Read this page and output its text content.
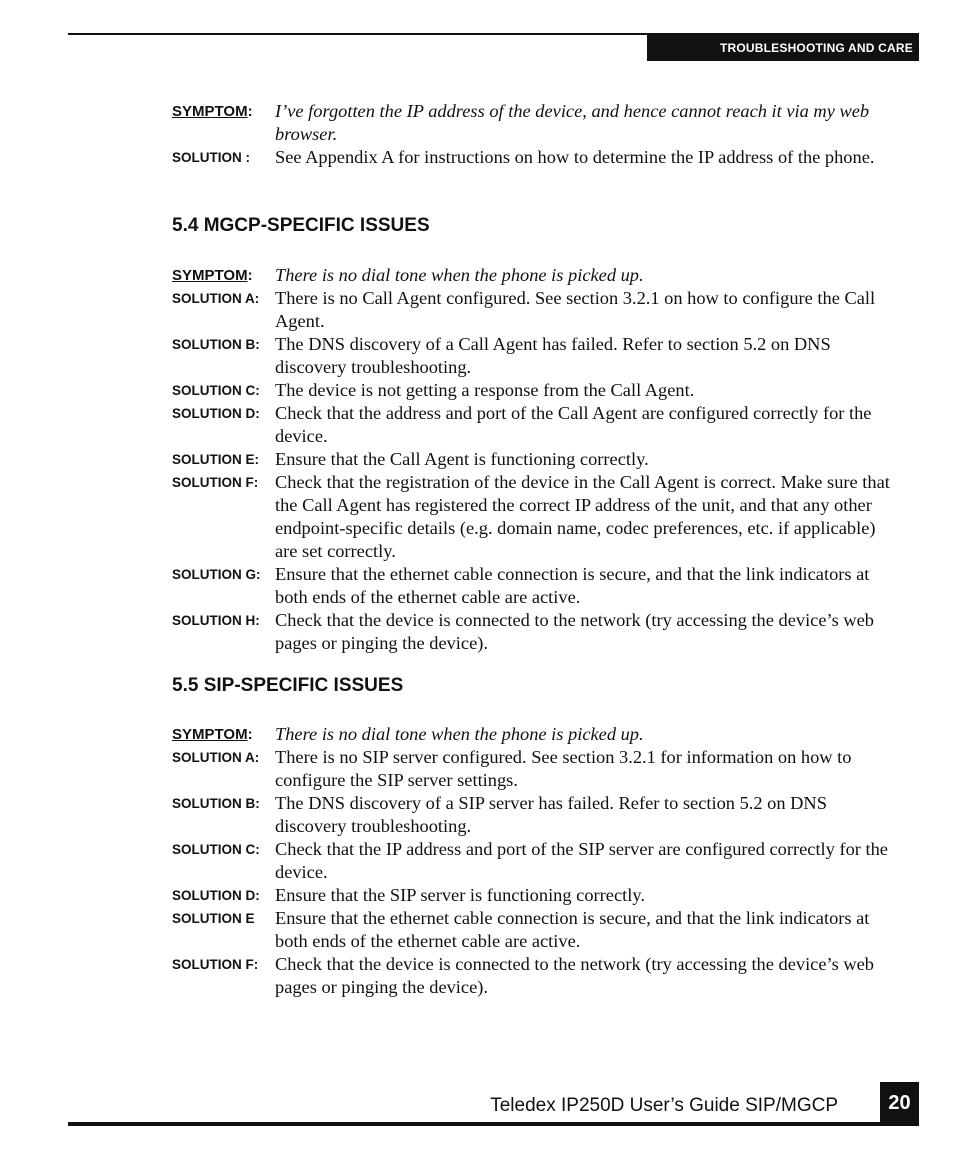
TROUBLESHOOTING AND CARE
SYMPTOM:	I’ve forgotten the IP address of the device, and hence cannot reach it via my web browser.
SOLUTION :	See Appendix A for instructions on how to determine the IP address of the phone.
5.4 MGCP-SPECIFIC ISSUES
SYMPTOM:	There is no dial tone when the phone is picked up.
SOLUTION A: There is no Call Agent configured. See section 3.2.1 on how to configure the Call Agent.
SOLUTION B: The DNS discovery of a Call Agent has failed. Refer to section 5.2 on DNS discovery troubleshooting.
SOLUTION C: The device is not getting a response from the Call Agent.
SOLUTION D: Check that the address and port of the Call Agent are configured correctly for the device.
SOLUTION E: Ensure that the Call Agent is functioning correctly.
SOLUTION F: Check that the registration of the device in the Call Agent is correct. Make sure that the Call Agent has registered the correct IP address of the unit, and that any other endpoint-specific details (e.g. domain name, codec preferences, etc. if applicable) are set correctly.
SOLUTION G: Ensure that the ethernet cable connection is secure, and that the link indicators at both ends of the ethernet cable are active.
SOLUTION H: Check that the device is connected to the network (try accessing the device’s web pages or pinging the device).
5.5 SIP-SPECIFIC ISSUES
SYMPTOM:	There is no dial tone when the phone is picked up.
SOLUTION A: There is no SIP server configured. See section 3.2.1 for information on how to configure the SIP server settings.
SOLUTION B: The DNS discovery of a SIP server has failed. Refer to section 5.2 on DNS discovery troubleshooting.
SOLUTION C: Check that the IP address and port of the SIP server are configured correctly for the device.
SOLUTION D: Ensure that the SIP server is functioning correctly.
SOLUTION E	Ensure that the ethernet cable connection is secure, and that the link indicators at both ends of the ethernet cable are active.
SOLUTION F: Check that the device is connected to the network (try accessing the device’s web pages or pinging the device).
Teledex IP250D User’s Guide SIP/MGCP	20
